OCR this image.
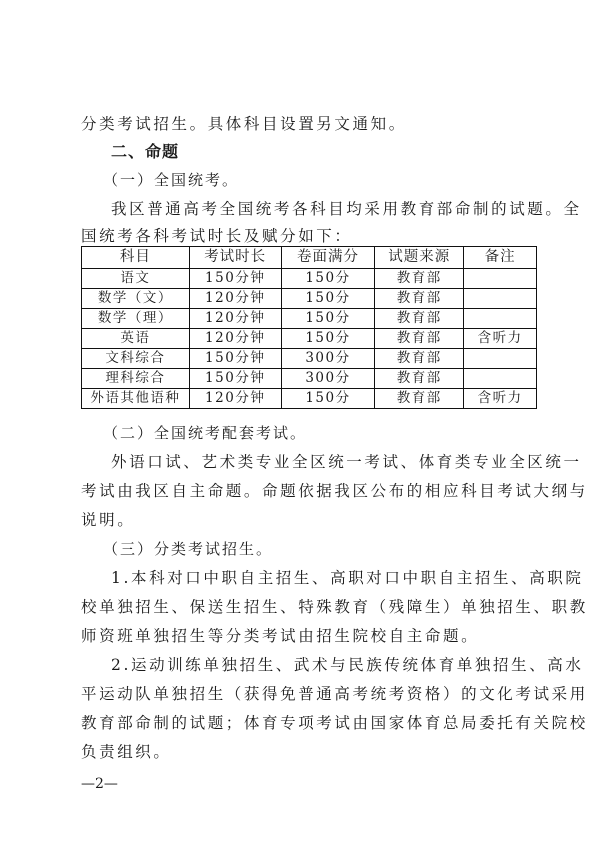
分类考试招生。具体科目设置另文通知。
二、命题
（一）全国统考。
我区普通高考全国统考各科目均采用教育部命制的试题。全
国统考各科考试时长及赋分如下：
科目	考试时长	卷面满分	试题来源	备注
语文	150分钟	150分	教育部	
数学（文）	120分钟	150分	教育部	
数学（理）	120分钟	150分	教育部	
英语	120分钟	150分	教育部	含听力
文科综合	150分钟	300分	教育部	
理科综合	150分钟	300分	教育部	
外语其他语种	120分钟	150分	教育部	含听力
（二）全国统考配套考试。
外语口试、艺术类专业全区统一考试、体育类专业全区统一
考试由我区自主命题。命题依据我区公布的相应科目考试大纲与
说明。
（三）分类考试招生。
1.本科对口中职自主招生、高职对口中职自主招生、高职院
校单独招生、保送生招生、特殊教育（残障生）单独招生、职教
师资班单独招生等分类考试由招生院校自主命题。
2.运动训练单独招生、武术与民族传统体育单独招生、高水
平运动队单独招生（获得免普通高考统考资格）的文化考试采用
教育部命制的试题；体育专项考试由国家体育总局委托有关院校
负责组织。
—2—
